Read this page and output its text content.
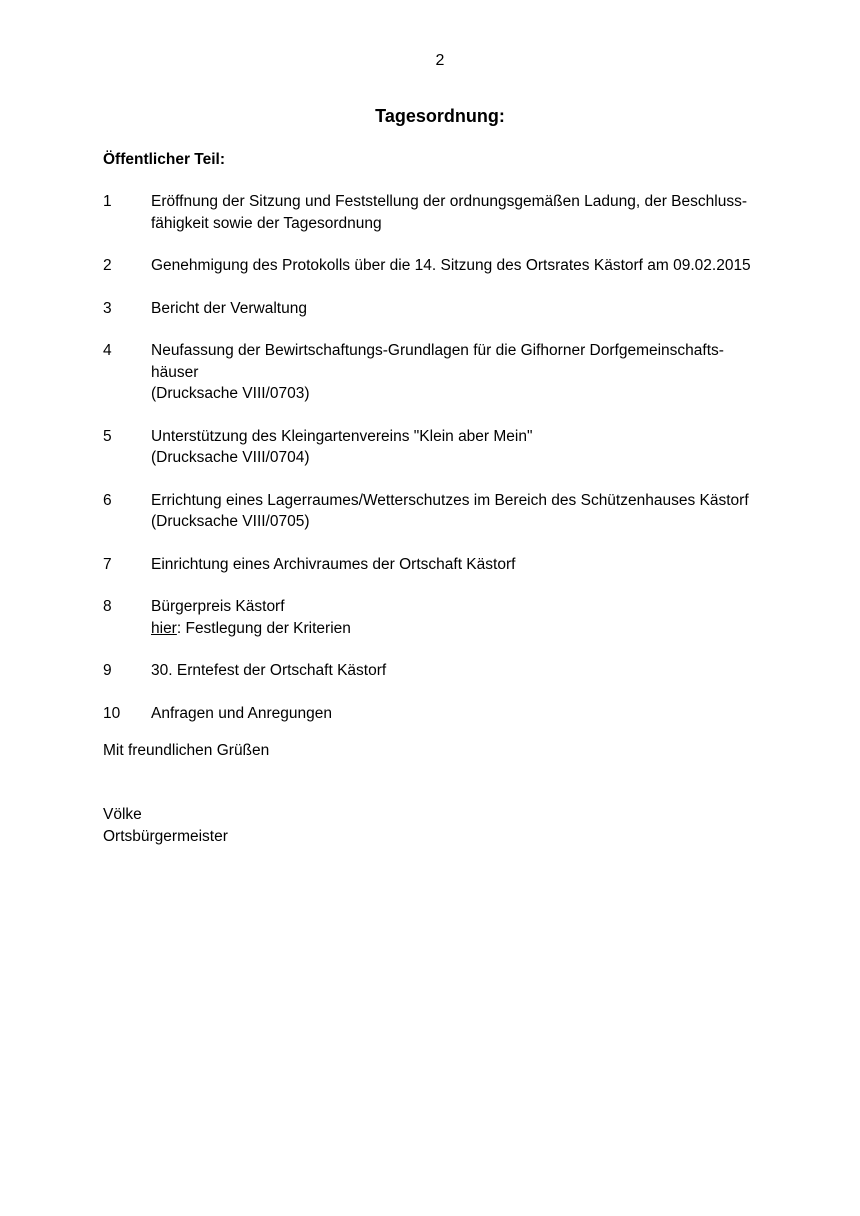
2
Tagesordnung:
Öffentlicher Teil:
1	Eröffnung der Sitzung und Feststellung der ordnungsgemäßen Ladung, der Beschluss-
fähigkeit sowie der Tagesordnung
2	Genehmigung des Protokolls über die 14. Sitzung des Ortsrates Kästorf am 09.02.2015
3	Bericht der Verwaltung
4	Neufassung der Bewirtschaftungs-Grundlagen für die Gifhorner Dorfgemeinschafts-
häuser
(Drucksache VIII/0703)
5	Unterstützung des Kleingartenvereins "Klein aber Mein"
(Drucksache VIII/0704)
6	Errichtung eines Lagerraumes/Wetterschutzes im Bereich des Schützenhauses Kästorf
(Drucksache VIII/0705)
7	Einrichtung eines Archivraumes der Ortschaft Kästorf
8	Bürgerpreis Kästorf
hier: Festlegung der Kriterien
9	30. Erntefest der Ortschaft Kästorf
10	Anfragen und Anregungen
Mit freundlichen Grüßen
Völke
Ortsbürgermeister
